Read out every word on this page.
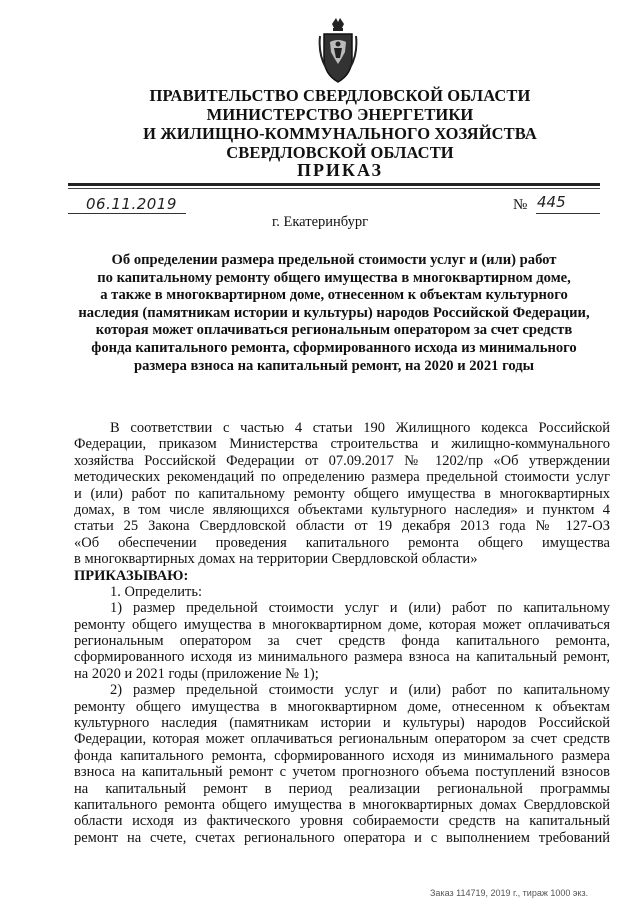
ПРАВИТЕЛЬСТВО СВЕРДЛОВСКОЙ ОБЛАСТИ
МИНИСТЕРСТВО ЭНЕРГЕТИКИ
И ЖИЛИЩНО-КОММУНАЛЬНОГО ХОЗЯЙСТВА
СВЕРДЛОВСКОЙ ОБЛАСТИ
ПРИКАЗ
06.11.2019	№ 445
г. Екатеринбург
Об определении размера предельной стоимости услуг и (или) работ
по капитальному ремонту общего имущества в многоквартирном доме,
а также в многоквартирном доме, отнесенном к объектам культурного
наследия (памятникам истории и культуры) народов Российской Федерации,
которая может оплачиваться региональным оператором за счет средств
фонда капитального ремонта, сформированного исхода из минимального
размера взноса на капитальный ремонт, на 2020 и 2021 годы
В соответствии с частью 4 статьи 190 Жилищного кодекса Российской
Федерации, приказом Министерства строительства и жилищно-коммунального
хозяйства Российской Федерации от 07.09.2017 № 1202/пр «Об утверждении
методических рекомендаций по определению размера предельной стоимости услуг
и (или) работ по капитальному ремонту общего имущества в многоквартирных
домах, в том числе являющихся объектами культурного наследия» и пунктом 4
статьи 25 Закона Свердловской области от 19 декабря 2013 года № 127-ОЗ
«Об обеспечении проведения капитального ремонта общего имущества
в многоквартирных домах на территории Свердловской области»
ПРИКАЗЫВАЮ:
1. Определить:
1) размер предельной стоимости услуг и (или) работ по капитальному
ремонту общего имущества в многоквартирном доме, которая может оплачиваться
региональным оператором за счет средств фонда капитального ремонта,
сформированного исходя из минимального размера взноса на капитальный ремонт,
на 2020 и 2021 годы (приложение № 1);
2) размер предельной стоимости услуг и (или) работ по капитальному
ремонту общего имущества в многоквартирном доме, отнесенном к объектам
культурного наследия (памятникам истории и культуры) народов Российской
Федерации, которая может оплачиваться региональным оператором за счет средств
фонда капитального ремонта, сформированного исходя из минимального размера
взноса на капитальный ремонт с учетом прогнозного объема поступлений взносов
на капитальный ремонт в период реализации региональной программы
капитального ремонта общего имущества в многоквартирных домах Свердловской
области исходя из фактического уровня собираемости средств на капитальный
ремонт на счете, счетах регионального оператора и с выполнением требований
Заказ 114719, 2019 г., тираж 1000 экз.
